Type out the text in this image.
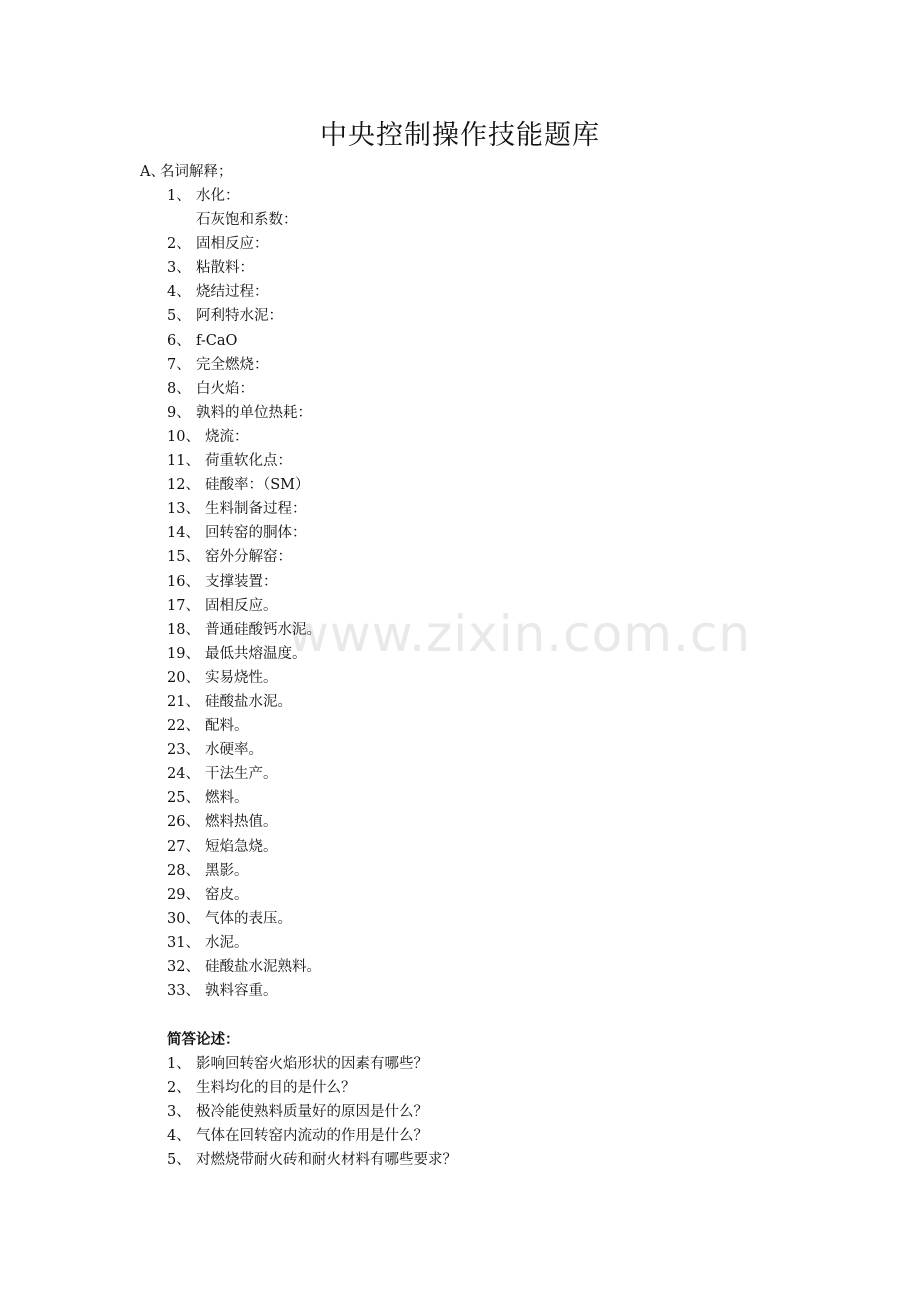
www.zixin.com.cn
中央控制操作技能题库
A、名词解释；
1、 水化：
石灰饱和系数：
2、 固相反应：
3、 粘散料：
4、 烧结过程：
5、 阿利特水泥：
6、 f-CaO
7、 完全燃烧：
8、 白火焰：
9、 孰料的单位热耗：
10、 烧流：
11、 荷重软化点：
12、 硅酸率：（SM）
13、 生料制备过程：
14、 回转窑的胴体：
15、 窑外分解窑：
16、 支撑装置：
17、 固相反应。
18、 普通硅酸钙水泥。
19、 最低共熔温度。
20、 实易烧性。
21、 硅酸盐水泥。
22、 配料。
23、 水硬率。
24、 干法生产。
25、 燃料。
26、 燃料热值。
27、 短焰急烧。
28、 黑影。
29、 窑皮。
30、 气体的表压。
31、 水泥。
32、 硅酸盐水泥熟料。
33、 孰料容重。
简答论述：
1、 影响回转窑火焰形状的因素有哪些？
2、 生料均化的目的是什么？
3、 极冷能使熟料质量好的原因是什么？
4、 气体在回转窑内流动的作用是什么？
5、 对燃烧带耐火砖和耐火材料有哪些要求？
